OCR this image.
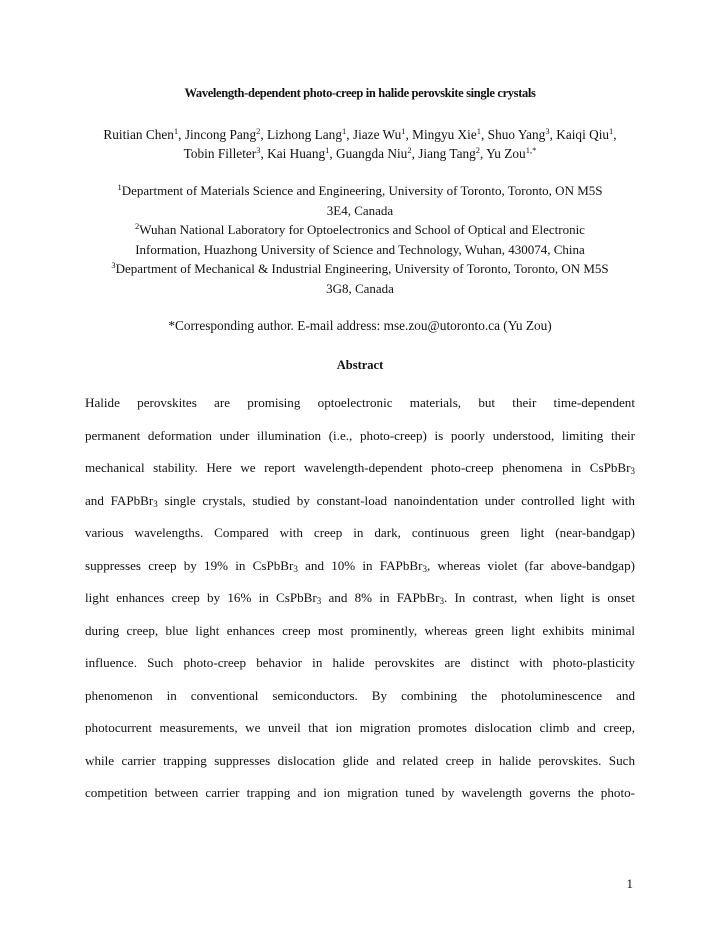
Wavelength-dependent photo-creep in halide perovskite single crystals
Ruitian Chen$^1$, Jincong Pang$^2$, Lizhong Lang$^1$, Jiaze Wu$^1$, Mingyu Xie$^1$, Shuo Yang$^3$, Kaiqi Qiu$^1$,
Tobin Filleter$^3$, Kai Huang$^1$, Guangda Niu$^2$, Jiang Tang$^2$, Yu Zou$^{1,*}$
$^1$Department of Materials Science and Engineering, University of Toronto, Toronto, ON M5S
3E4, Canada
$^2$Wuhan National Laboratory for Optoelectronics and School of Optical and Electronic
Information, Huazhong University of Science and Technology, Wuhan, 430074, China
$^3$Department of Mechanical & Industrial Engineering, University of Toronto, Toronto, ON M5S
3G8, Canada
*Corresponding author. E-mail address: mse.zou@utoronto.ca (Yu Zou)
Abstract
Halide perovskites are promising optoelectronic materials, but their time-dependent
permanent deformation under illumination (i.e., photo-creep) is poorly understood, limiting their
mechanical stability. Here we report wavelength-dependent photo-creep phenomena in CsPbBr$_3$
and FAPbBr$_3$ single crystals, studied by constant-load nanoindentation under controlled light with
various wavelengths. Compared with creep in dark, continuous green light (near-bandgap)
suppresses creep by 19% in CsPbBr$_3$ and 10% in FAPbBr$_3$, whereas violet (far above-bandgap)
light enhances creep by 16% in CsPbBr$_3$ and 8% in FAPbBr$_3$. In contrast, when light is onset
during creep, blue light enhances creep most prominently, whereas green light exhibits minimal
influence. Such photo-creep behavior in halide perovskites are distinct with photo-plasticity
phenomenon in conventional semiconductors. By combining the photoluminescence and
photocurrent measurements, we unveil that ion migration promotes dislocation climb and creep,
while carrier trapping suppresses dislocation glide and related creep in halide perovskites. Such
competition between carrier trapping and ion migration tuned by wavelength governs the photo-
1
